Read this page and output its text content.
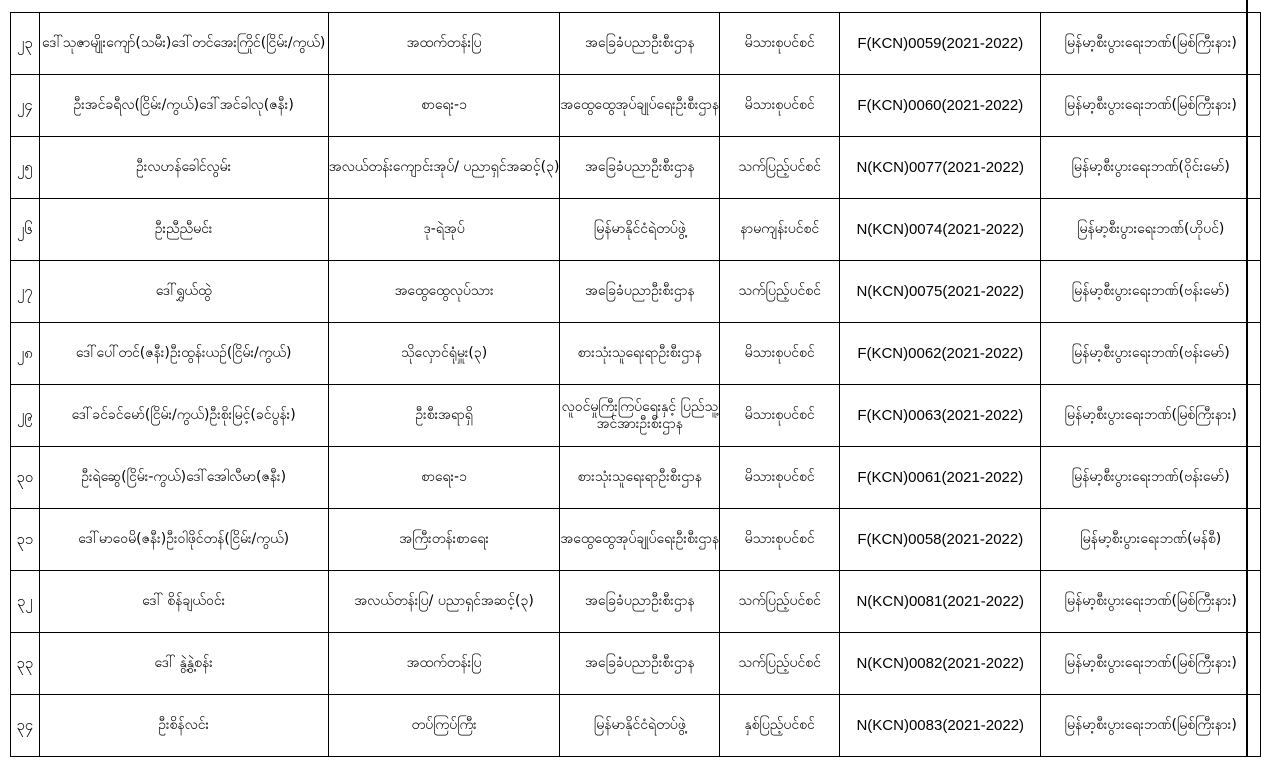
၂၃	ဒေါ်သုဇာမျိုးကျော်(သမီး)ဒေါ်တင်အေးကြိုင်(ငြိမ်း/ကွယ်)	အထက်တန်းပြ	အခြေခံပညာဦးစီးဌာန	မိသားစုပင်စင်	F(KCN)0059(2021-2022)	မြန်မာ့စီးပွားရေးဘဏ်(မြစ်ကြီးနား)
၂၄	ဦးအင်ခရီလ(ငြိမ်း/ကွယ်)ဒေါ်အင်ခါလု(ဇနီး)	စာရေး-၁	အထွေထွေအုပ်ချုပ်ရေးဦးစီးဌာန	မိသားစုပင်စင်	F(KCN)0060(2021-2022)	မြန်မာ့စီးပွားရေးဘဏ်(မြစ်ကြီးနား)
၂၅	ဦးလဟန်ခေါင်လွမ်း	အလယ်တန်းကျောင်းအုပ်/ ပညာရှင်အဆင့်(၃)	အခြေခံပညာဦးစီးဌာန	သက်ပြည့်ပင်စင်	N(KCN)0077(2021-2022)	မြန်မာ့စီးပွားရေးဘဏ်(ဝိုင်းမော်)
၂၆	ဦးညီညီမင်း	ဒု-ရဲအုပ်	မြန်မာနိုင်ငံရဲတပ်ဖွဲ့	နာမကျန်းပင်စင်	N(KCN)0074(2021-2022)	မြန်မာ့စီးပွားရေးဘဏ်(ဟိုပင်)
၂၇	ဒေါ်ရွှယ်ထွဲ	အထွေထွေလုပ်သား	အခြေခံပညာဦးစီးဌာန	သက်ပြည့်ပင်စင်	N(KCN)0075(2021-2022)	မြန်မာ့စီးပွားရေးဘဏ်(ဗန်းမော်)
၂၈	ဒေါ်ပေါ်တင်(ဇနီး)ဦးထွန်းယဉ်(ငြိမ်း/ကွယ်)	သိုလှောင်ရုံမှူး(၃)	စားသုံးသူရေးရာဦးစီးဌာန	မိသားစုပင်စင်	F(KCN)0062(2021-2022)	မြန်မာ့စီးပွားရေးဘဏ်(ဗန်းမော်)
၂၉	ဒေါ်ခင်ခင်မော်(ငြိမ်း/ကွယ်)ဦးစိုးမြင့်(ခင်ပွန်း)	ဦးစီးအရာရှိ	လူဝင်မှုကြီးကြပ်ရေးနှင့် ပြည်သူ့အင်အားဦးစီးဌာန	မိသားစုပင်စင်	F(KCN)0063(2021-2022)	မြန်မာ့စီးပွားရေးဘဏ်(မြစ်ကြီးနား)
၃၀	ဦးရဲဆွေ(ငြိမ်း-ကွယ်)ဒေါ်အေါလီမာ(ဇနီး)	စာရေး-၁	စားသုံးသူရေးရာဦးစီးဌာန	မိသားစုပင်စင်	F(KCN)0061(2021-2022)	မြန်မာ့စီးပွားရေးဘဏ်(ဗန်းမော်)
၃၁	ဒေါ်မာဝေမိ(ဇနီး)ဦးဝါဖိုင်တန်(ငြိမ်း/ကွယ်)	အကြီးတန်းစာရေး	အထွေထွေအုပ်ချုပ်ရေးဦးစီးဌာန	မိသားစုပင်စင်	F(KCN)0058(2021-2022)	မြန်မာ့စီးပွားရေးဘဏ်(မန်စီ)
၃၂	ဒေါ် စိန်ချယ်ဝင်း	အလယ်တန်းပြ/ ပညာရှင်အဆင့်(၃)	အခြေခံပညာဦးစီးဌာန	သက်ပြည့်ပင်စင်	N(KCN)0081(2021-2022)	မြန်မာ့စီးပွားရေးဘဏ်(မြစ်ကြီးနား)
၃၃	ဒေါ် နွဲ့နွဲ့စန်း	အထက်တန်းပြ	အခြေခံပညာဦးစီးဌာန	သက်ပြည့်ပင်စင်	N(KCN)0082(2021-2022)	မြန်မာ့စီးပွားရေးဘဏ်(မြစ်ကြီးနား)
၃၄	ဦးစိန်လင်း	တပ်ကြပ်ကြီး	မြန်မာနိုင်ငံရဲတပ်ဖွဲ့	နှစ်ပြည့်ပင်စင်	N(KCN)0083(2021-2022)	မြန်မာ့စီးပွားရေးဘဏ်(မြစ်ကြီးနား)
